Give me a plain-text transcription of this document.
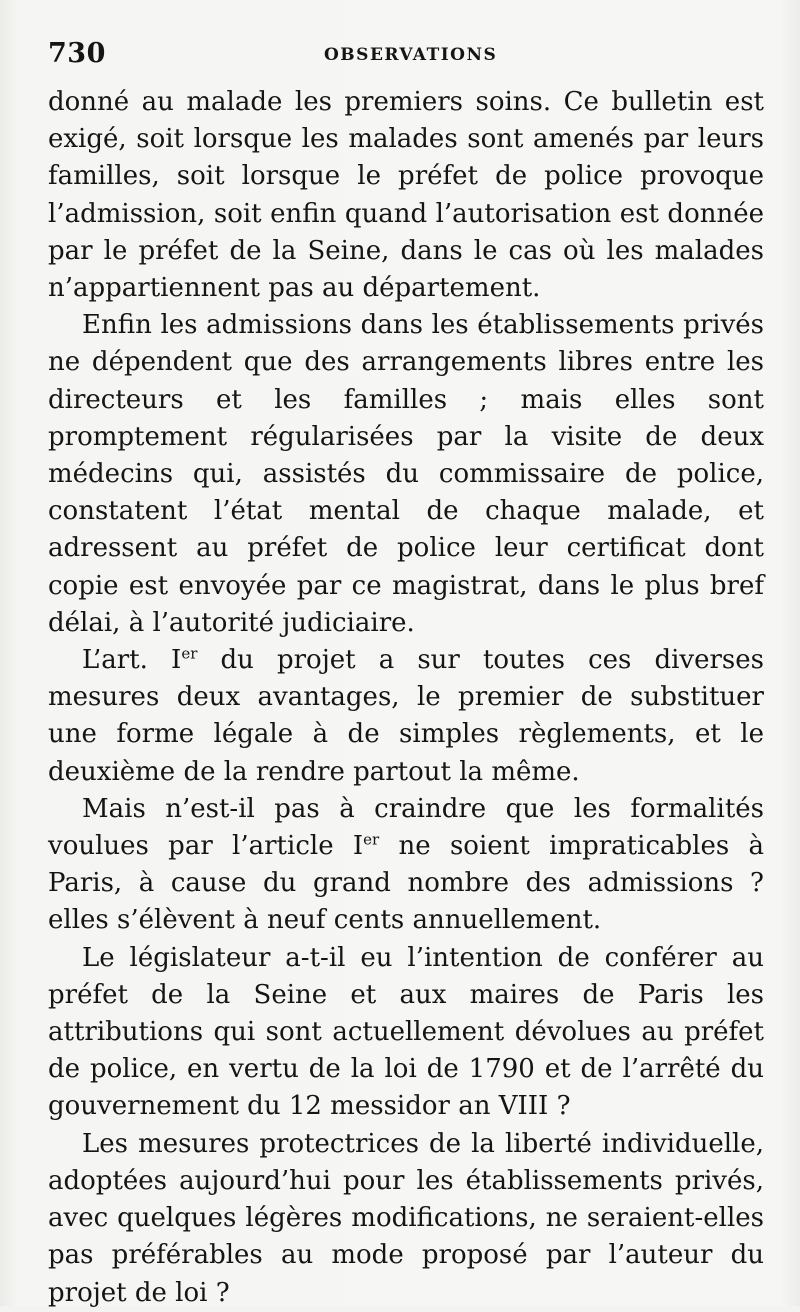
730	OBSERVATIONS

donné au malade les premiers soins. Ce bulletin est exigé, soit lorsque les malades sont amenés par leurs familles, soit lorsque le préfet de police provoque l’admission, soit enfin quand l’autorisation est donnée par le préfet de la Seine, dans le cas où les malades n’appartiennent pas au département.

Enfin les admissions dans les établissements privés ne dépendent que des arrangements libres entre les directeurs et les familles ; mais elles sont promptement régularisées par la visite de deux médecins qui, assistés du commissaire de police, constatent l’état mental de chaque malade, et adressent au préfet de police leur certificat dont copie est envoyée par ce magistrat, dans le plus bref délai, à l’autorité judiciaire.

L’art. Ier du projet a sur toutes ces diverses mesures deux avantages, le premier de substituer une forme légale à de simples règlements, et le deuxième de la rendre partout la même.

Mais n’est-il pas à craindre que les formalités voulues par l’article Ier ne soient impraticables à Paris, à cause du grand nombre des admissions ? elles s’élèvent à neuf cents annuellement.

Le législateur a-t-il eu l’intention de conférer au préfet de la Seine et aux maires de Paris les attributions qui sont actuellement dévolues au préfet de police, en vertu de la loi de 1790 et de l’arrêté du gouvernement du 12 messidor an VIII ?

Les mesures protectrices de la liberté individuelle, adoptées aujourd’hui pour les établissements privés, avec quelques légères modifications, ne seraient-elles pas préférables au mode proposé par l’auteur du projet de loi ?
